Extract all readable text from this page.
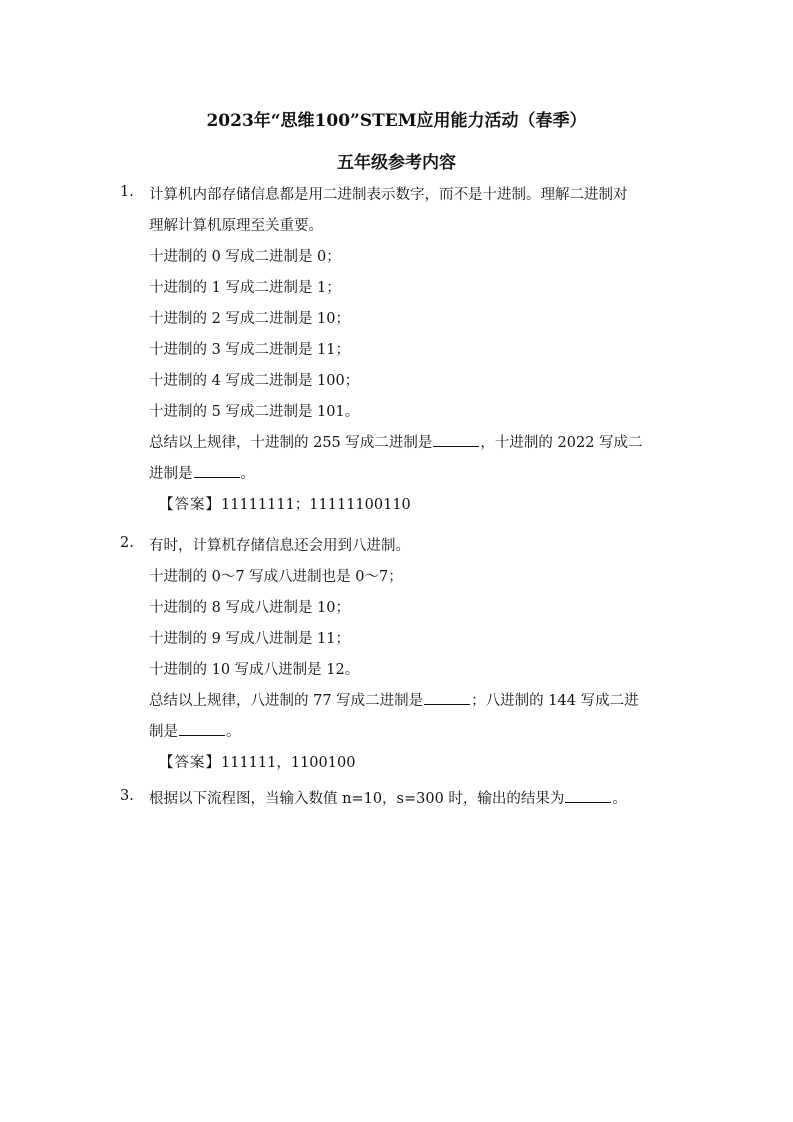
2023年“思维100”STEM应用能力活动（春季）
五年级参考内容
1.	计算机内部存储信息都是用二进制表示数字，而不是十进制。理解二进制对
理解计算机原理至关重要。
十进制的 0 写成二进制是 0；
十进制的 1 写成二进制是 1；
十进制的 2 写成二进制是 10；
十进制的 3 写成二进制是 11；
十进制的 4 写成二进制是 100；
十进制的 5 写成二进制是 101。
总结以上规律，十进制的 255 写成二进制是	，十进制的 2022 写成二
进制是	。
【答案】11111111；11111100110
2.	有时，计算机存储信息还会用到八进制。
十进制的 0～7 写成八进制也是 0～7；
十进制的 8 写成八进制是 10；
十进制的 9 写成八进制是 11；
十进制的 10 写成八进制是 12。
总结以上规律，八进制的 77 写成二进制是	；八进制的 144 写成二进
制是	。
【答案】111111，1100100
3.	根据以下流程图，当输入数值 n=10，s=300 时，输出的结果为	。
